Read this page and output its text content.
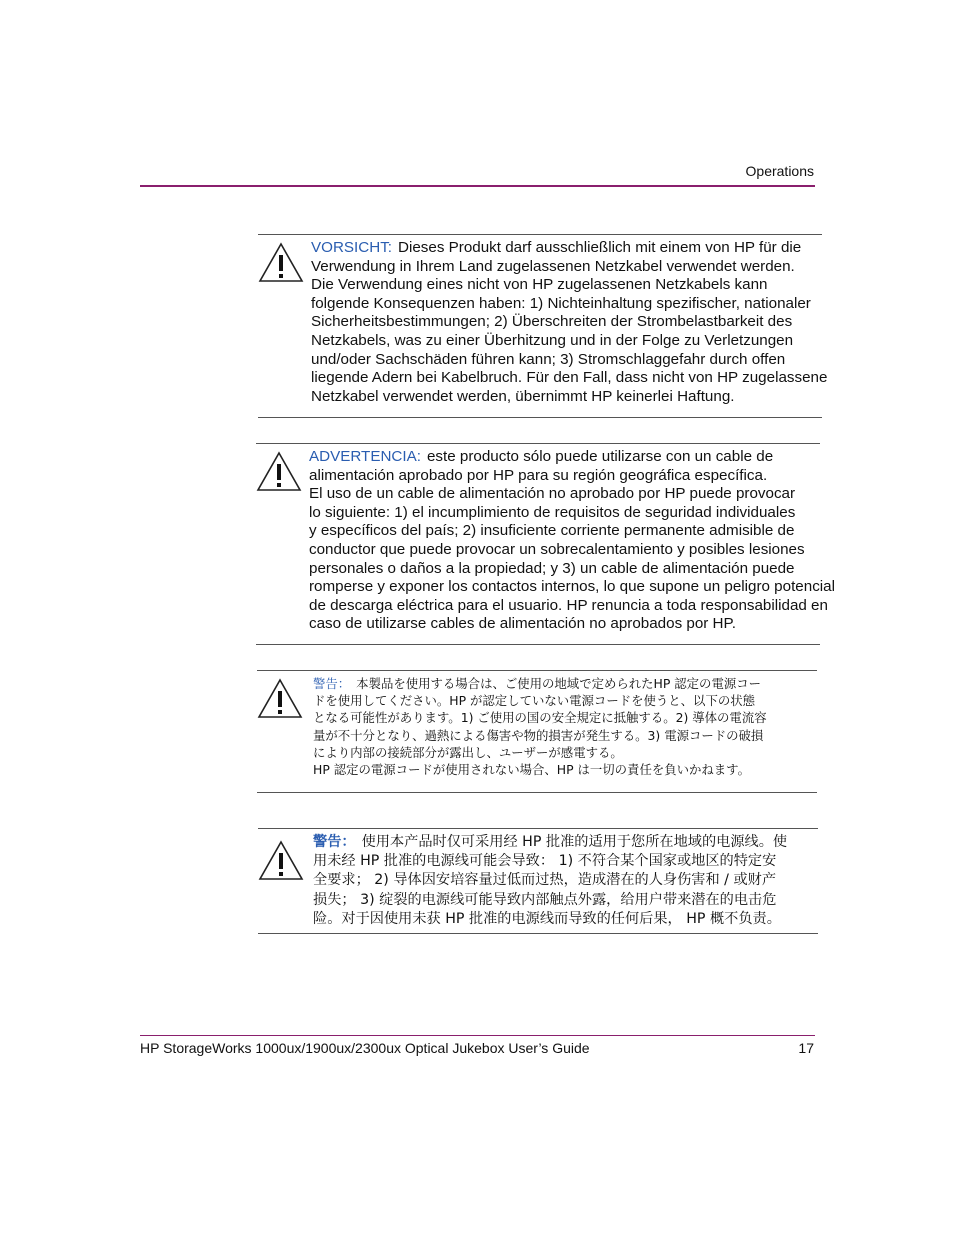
Operations
VORSICHT: Dieses Produkt darf ausschließlich mit einem von HP für die
Verwendung in Ihrem Land zugelassenen Netzkabel verwendet werden.
Die Verwendung eines nicht von HP zugelassenen Netzkabels kann
folgende Konsequenzen haben: 1) Nichteinhaltung spezifischer, nationaler
Sicherheitsbestimmungen; 2) Überschreiten der Strombelastbarkeit des
Netzkabels, was zu einer Überhitzung und in der Folge zu Verletzungen
und/oder Sachschäden führen kann; 3) Stromschlaggefahr durch offen
liegende Adern bei Kabelbruch. Für den Fall, dass nicht von HP zugelassene
Netzkabel verwendet werden, übernimmt HP keinerlei Haftung.
ADVERTENCIA: este producto sólo puede utilizarse con un cable de
alimentación aprobado por HP para su región geográfica específica.
El uso de un cable de alimentación no aprobado por HP puede provocar
lo siguiente: 1) el incumplimiento de requisitos de seguridad individuales
y específicos del país; 2) insuficiente corriente permanente admisible de
conductor que puede provocar un sobrecalentamiento y posibles lesiones
personales o daños a la propiedad; y 3) un cable de alimentación puede
romperse y exponer los contactos internos, lo que supone un peligro potencial
de descarga eléctrica para el usuario. HP renuncia a toda responsabilidad en
caso de utilizarse cables de alimentación no aprobados por HP.
警告： 本製品を使用する場合は、ご使用の地域で定められたHP 認定の電源コー
ドを使用してください。HP が認定していない電源コードを使うと、以下の状態
となる可能性があります。1) ご使用の国の安全規定に抵触する。2) 導体の電流容
量が不十分となり、過熱による傷害や物的損害が発生する。3) 電源コードの破損
により内部の接続部分が露出し、ユーザーが感電する。
HP 認定の電源コードが使用されない場合、HP は一切の責任を負いかねます。
警告： 使用本产品时仅可采用经 HP 批准的适用于您所在地域的电源线。使
用未经 HP 批准的电源线可能会导致： 1) 不符合某个国家或地区的特定安
全要求； 2) 导体因安培容量过低而过热，造成潜在的人身伤害和 / 或财产
损失； 3) 绽裂的电源线可能导致内部触点外露，给用户带来潜在的电击危
险。对于因使用未获 HP 批准的电源线而导致的任何后果， HP 概不负责。
HP StorageWorks 1000ux/1900ux/2300ux Optical Jukebox User’s Guide	17
